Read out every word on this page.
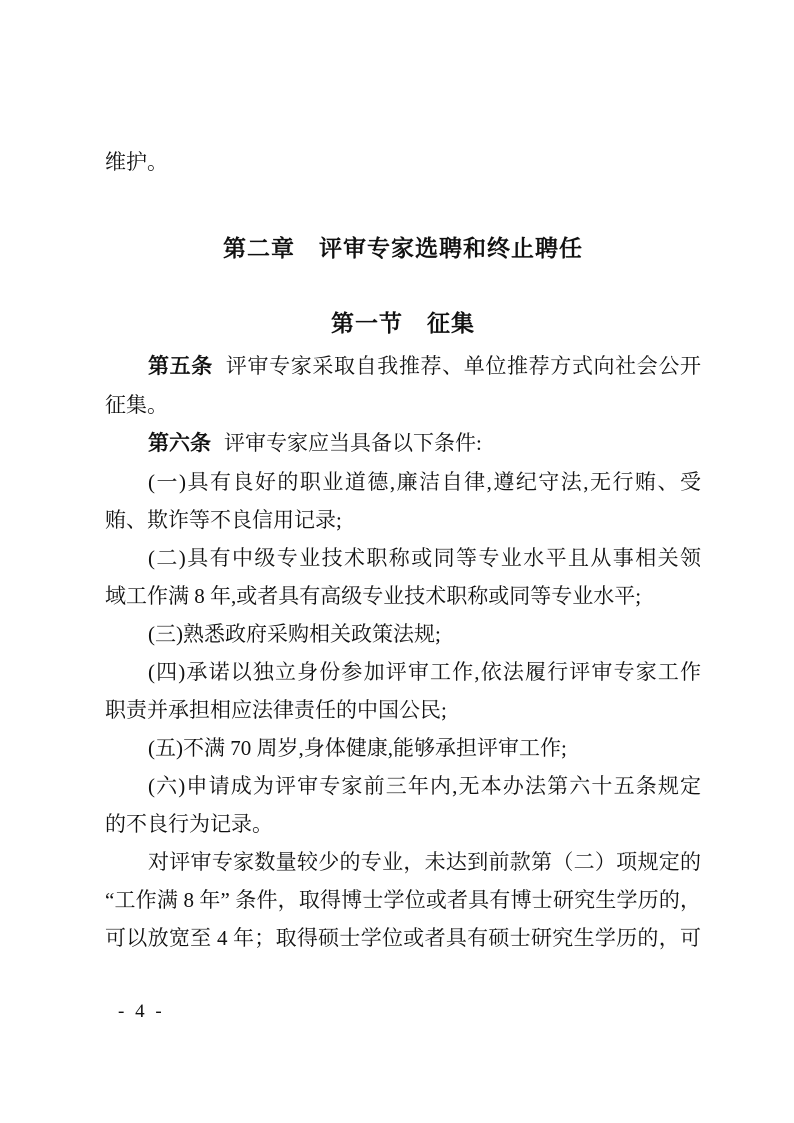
维护。
第二章　评审专家选聘和终止聘任
第一节　征集
第五条 评审专家采取自我推荐、单位推荐方式向社会公开
征集。
第六条 评审专家应当具备以下条件:
(一)具有良好的职业道德,廉洁自律,遵纪守法,无行贿、受
贿、欺诈等不良信用记录;
(二)具有中级专业技术职称或同等专业水平且从事相关领
域工作满 8 年,或者具有高级专业技术职称或同等专业水平;
(三)熟悉政府采购相关政策法规;
(四)承诺以独立身份参加评审工作,依法履行评审专家工作
职责并承担相应法律责任的中国公民;
(五)不满 70 周岁,身体健康,能够承担评审工作;
(六)申请成为评审专家前三年内,无本办法第六十五条规定
的不良行为记录。
对评审专家数量较少的专业，未达到前款第（二）项规定的
“工作满 8 年” 条件，取得博士学位或者具有博士研究生学历的，
可以放宽至 4 年；取得硕士学位或者具有硕士研究生学历的，可
- 4 -
